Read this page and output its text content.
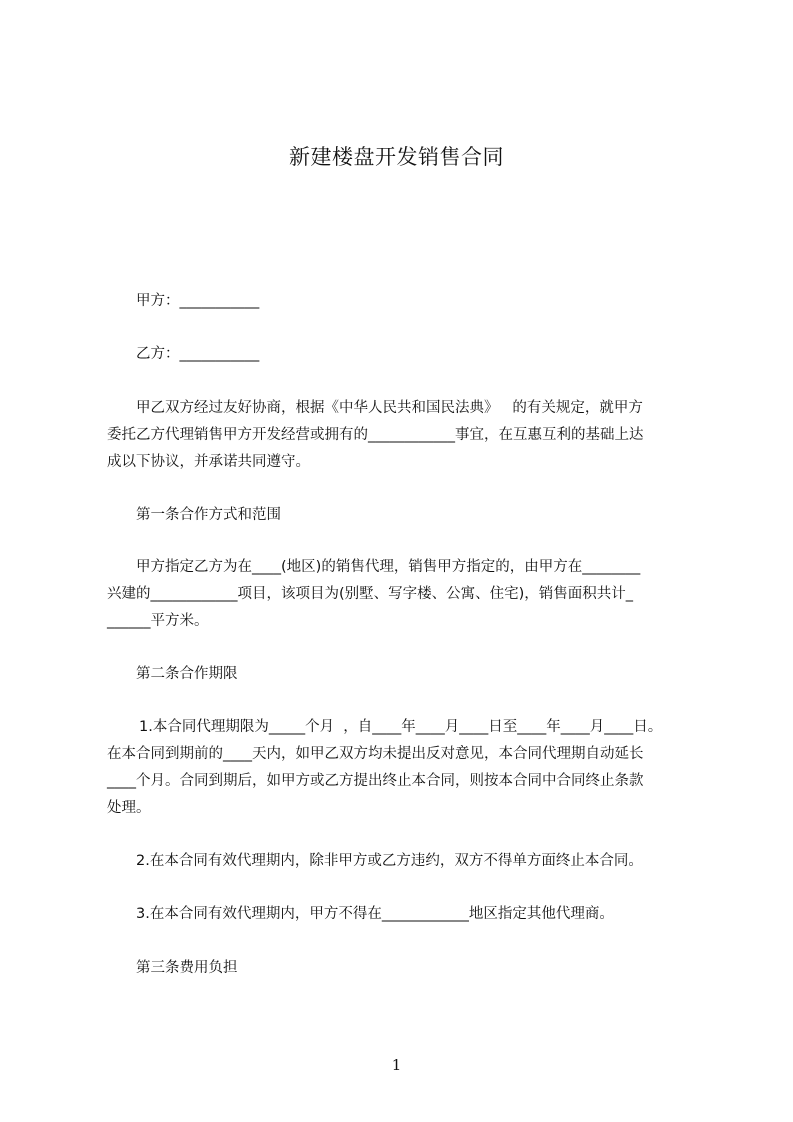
新建楼盘开发销售合同
甲方：___________
乙方：___________
甲乙双方经过友好协商，根据《中华人民共和国民法典》   的有关规定，就甲方
委托乙方代理销售甲方开发经营或拥有的____________事宜，在互惠互利的基础上达
成以下协议，并承诺共同遵守。
第一条合作方式和范围
甲方指定乙方为在____(地区)的销售代理，销售甲方指定的，由甲方在________
兴建的____________项目，该项目为(别墅、写字楼、公寓、住宅)，销售面积共计_
______平方米。
第二条合作期限
1.本合同代理期限为_____个月  ，自____年____月____日至____年____月____日。
在本合同到期前的____天内，如甲乙双方均未提出反对意见，本合同代理期自动延长
____个月。合同到期后，如甲方或乙方提出终止本合同，则按本合同中合同终止条款
处理。
2.在本合同有效代理期内，除非甲方或乙方违约，双方不得单方面终止本合同。
3.在本合同有效代理期内，甲方不得在____________地区指定其他代理商。
第三条费用负担
1
